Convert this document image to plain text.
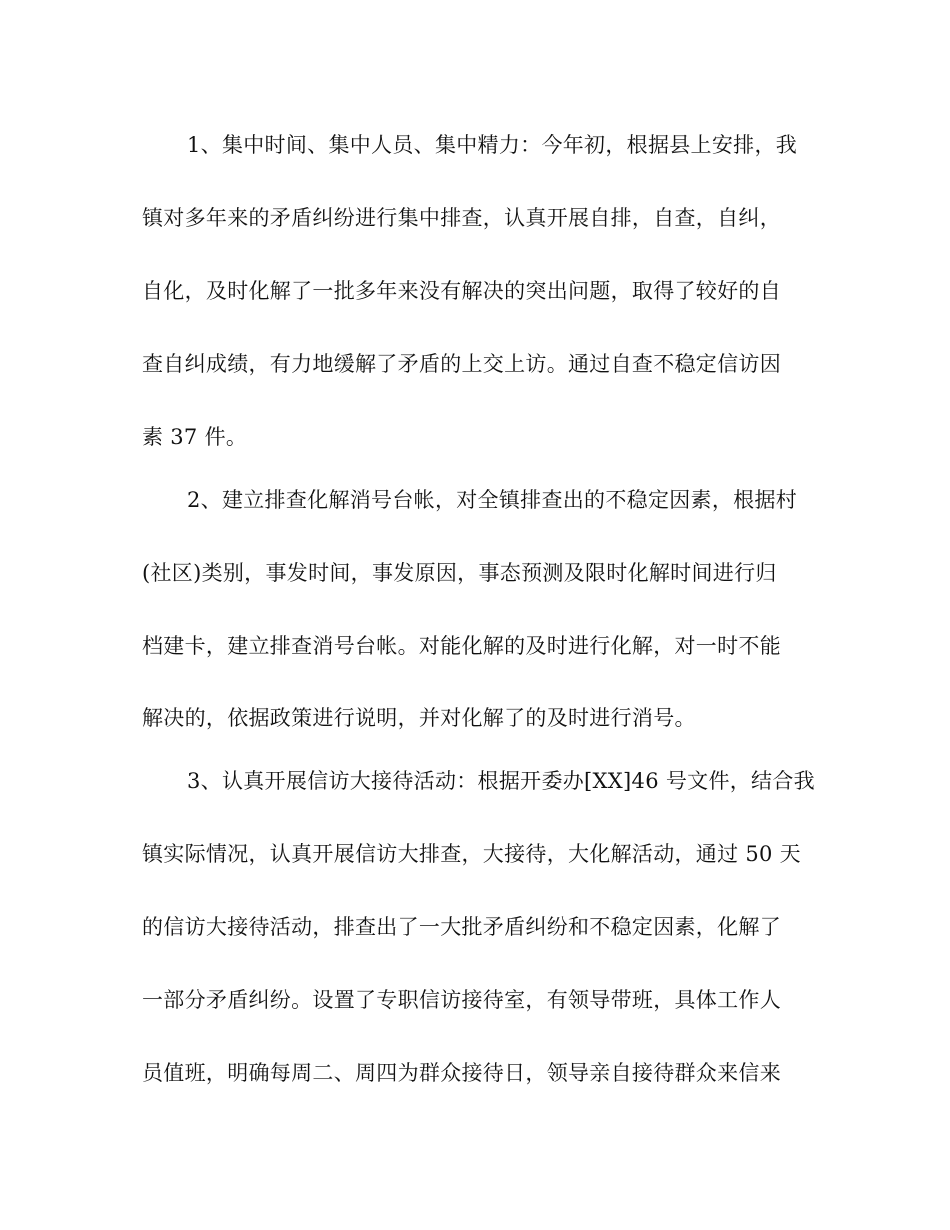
1、集中时间、集中人员、集中精力：今年初，根据县上安排，我
镇对多年来的矛盾纠纷进行集中排查，认真开展自排，自查，自纠，
自化，及时化解了一批多年来没有解决的突出问题，取得了较好的自
查自纠成绩，有力地缓解了矛盾的上交上访。通过自查不稳定信访因
素 37 件。
2、建立排查化解消号台帐，对全镇排查出的不稳定因素，根据村
(社区)类别，事发时间，事发原因，事态预测及限时化解时间进行归
档建卡，建立排查消号台帐。对能化解的及时进行化解，对一时不能
解决的，依据政策进行说明，并对化解了的及时进行消号。
3、认真开展信访大接待活动：根据开委办[XX]46 号文件，结合我
镇实际情况，认真开展信访大排查，大接待，大化解活动，通过 50 天
的信访大接待活动，排查出了一大批矛盾纠纷和不稳定因素，化解了
一部分矛盾纠纷。设置了专职信访接待室，有领导带班，具体工作人
员值班，明确每周二、周四为群众接待日，领导亲自接待群众来信来
